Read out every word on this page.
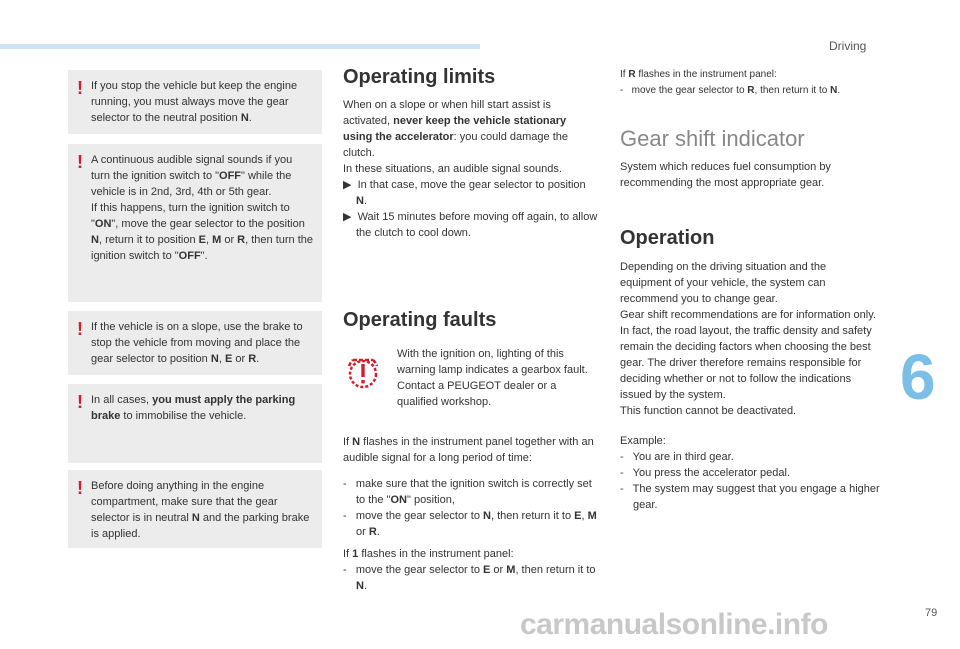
Driving
6
79
carmanualsonline.info
! If you stop the vehicle but keep the engine running, you must always move the gear selector to the neutral position N.

! A continuous audible signal sounds if you turn the ignition switch to "OFF" while the vehicle is in 2nd, 3rd, 4th or 5th gear.
If this happens, turn the ignition switch to "ON", move the gear selector to the position N, return it to position E, M or R, then turn the ignition switch to "OFF".

! If the vehicle is on a slope, use the brake to stop the vehicle from moving and place the gear selector to position N, E or R.

! In all cases, you must apply the parking brake to immobilise the vehicle.

! Before doing anything in the engine compartment, make sure that the gear selector is in neutral N and the parking brake is applied.

Operating limits

When on a slope or when hill start assist is activated, never keep the vehicle stationary using the accelerator: you could damage the clutch.
In these situations, an audible signal sounds.

▶  In that case, move the gear selector to position N.
▶  Wait 15 minutes before moving off again, to allow the clutch to cool down.
Operating faults
With the ignition on, lighting of this warning lamp indicates a gearbox fault.
Contact a PEUGEOT dealer or a qualified workshop.

If N flashes in the instrument panel together with an audible signal for a long period of time:

-   make sure that the ignition switch is correctly set to the "ON" position,
-   move the gear selector to N, then return it to E, M or R.

If 1 flashes in the instrument panel:

-   move the gear selector to E or M, then return it to N.

If R flashes in the instrument panel:

-   move the gear selector to R, then return it to N.
Gear shift indicator
System which reduces fuel consumption by recommending the most appropriate gear.
Operation

Depending on the driving situation and the equipment of your vehicle, the system can recommend you to change gear.
Gear shift recommendations are for information only. In fact, the road layout, the traffic density and safety remain the deciding factors when choosing the best gear. The driver therefore remains responsible for deciding whether or not to follow the indications issued by the system.
This function cannot be deactivated.

Example:

-   You are in third gear.
-   You press the accelerator pedal.
-   The system may suggest that you engage a higher gear.
